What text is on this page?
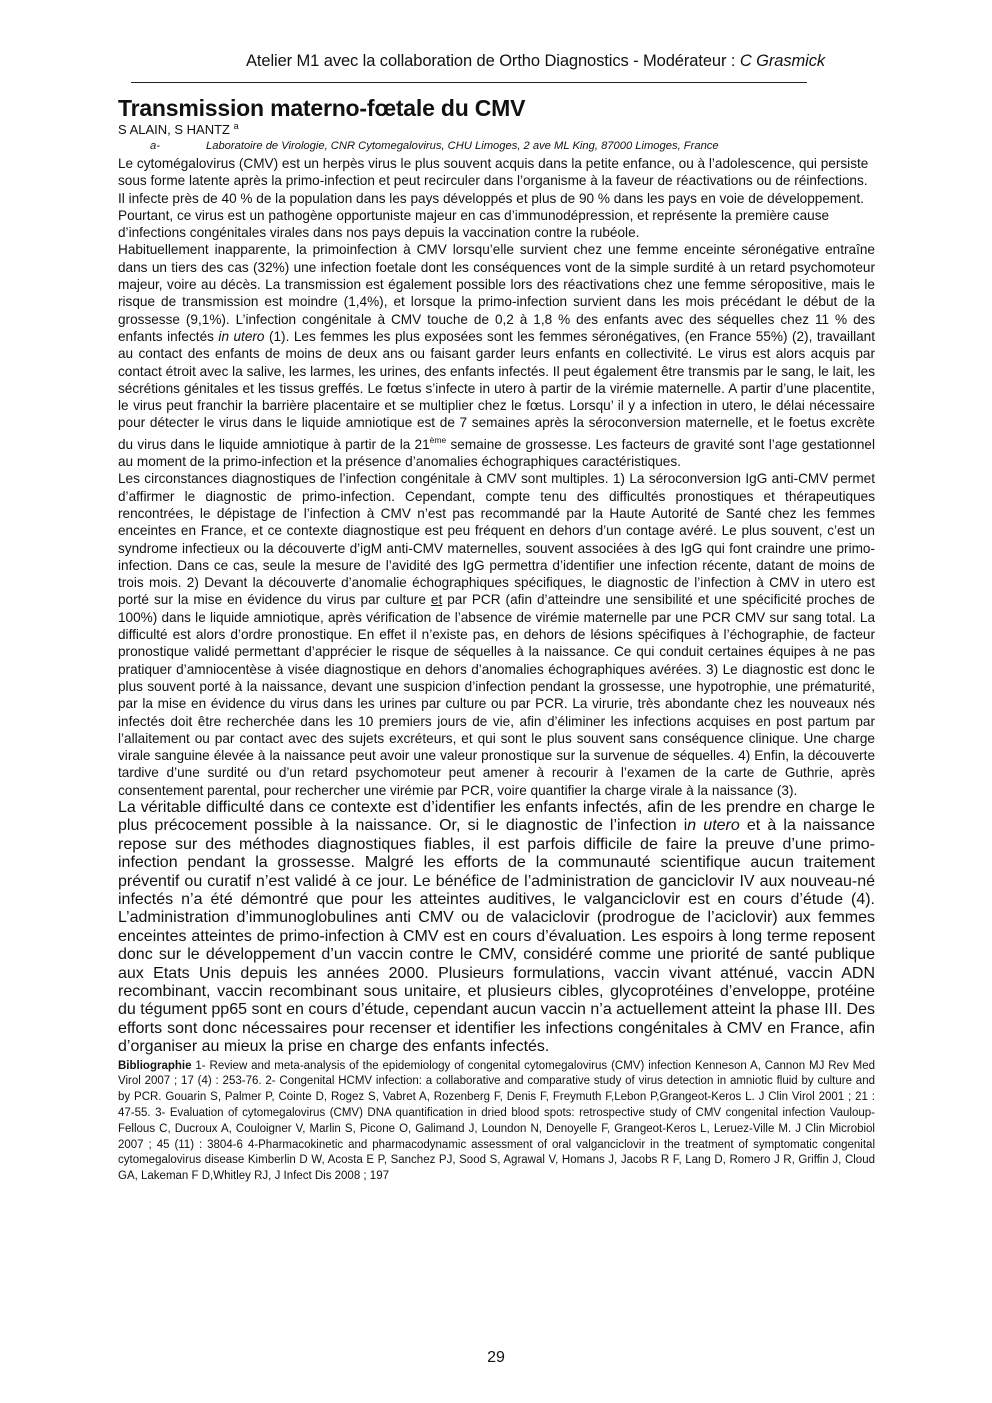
Atelier M1 avec la collaboration de Ortho Diagnostics - Modérateur : C Grasmick
Transmission materno-fœtale du CMV
S ALAIN, S HANTZ $^a$
a-	Laboratoire de Virologie, CNR Cytomegalovirus, CHU Limoges, 2 ave ML King, 87000 Limoges, France

Le cytomégalovirus (CMV) est un herpès virus le plus souvent acquis dans la petite enfance, ou à l’adolescence, qui persiste sous forme latente après la primo-infection et peut recirculer dans l’organisme à la faveur de réactivations ou de réinfections. Il infecte près de 40 % de la population dans les pays développés et plus de 90 % dans les pays en voie de développement. Pourtant, ce virus est un pathogène opportuniste majeur en cas d’immunodépression, et représente la première cause d’infections congénitales virales dans nos pays depuis la vaccination contre la rubéole.

Habituellement inapparente, la primoinfection à CMV lorsqu’elle survient chez une femme enceinte séronégative entraîne dans un tiers des cas (32%) une infection foetale dont les conséquences vont de la simple surdité à un retard psychomoteur majeur, voire au décès. La transmission est également possible lors des réactivations chez une femme séropositive, mais le risque de transmission est moindre (1,4%), et lorsque la primo-infection survient dans les mois précédant le début de la grossesse (9,1%). L’infection congénitale à CMV touche de 0,2 à 1,8 % des enfants avec des séquelles chez 11 % des enfants infectés in utero (1). Les femmes les plus exposées sont les femmes séronégatives, (en France 55%) (2), travaillant au contact des enfants de moins de deux ans ou faisant garder leurs enfants en collectivité. Le virus est alors acquis par contact étroit avec la salive, les larmes, les urines, des enfants infectés. Il peut également être transmis par le sang, le lait, les sécrétions génitales et les tissus greffés. Le fœtus s’infecte in utero à partir de la virémie maternelle. A partir d’une placentite, le virus peut franchir la barrière placentaire et se multiplier chez le fœtus. Lorsqu’ il y a infection in utero, le délai nécessaire pour détecter le virus dans le liquide amniotique est de 7 semaines après la séroconversion maternelle, et le foetus excrète du virus dans le liquide amniotique à partir de la 21ème semaine de grossesse. Les facteurs de gravité sont l’age gestationnel au moment de la primo-infection et la présence d’anomalies échographiques caractéristiques.

Les circonstances diagnostiques de l’infection congénitale à CMV sont multiples. 1) La séroconversion IgG anti-CMV permet d’affirmer le diagnostic de primo-infection. Cependant, compte tenu des difficultés pronostiques et thérapeutiques rencontrées, le dépistage de l’infection à CMV n’est pas recommandé par la Haute Autorité de Santé chez les femmes enceintes en France, et ce contexte diagnostique est peu fréquent en dehors d’un contage avéré. Le plus souvent, c’est un syndrome infectieux ou la découverte d’igM anti-CMV maternelles, souvent associées à des IgG qui font craindre une primo-infection. Dans ce cas, seule la mesure de l’avidité des IgG permettra d’identifier une infection récente, datant de moins de trois mois. 2) Devant la découverte d’anomalie échographiques spécifiques, le diagnostic de l’infection à CMV in utero est porté sur la mise en évidence du virus par culture et par PCR (afin d’atteindre une sensibilité et une spécificité proches de 100%) dans le liquide amniotique, après vérification de l’absence de virémie maternelle par une PCR CMV sur sang total. La difficulté est alors d’ordre pronostique. En effet il n’existe pas, en dehors de lésions spécifiques à l’échographie, de facteur pronostique validé permettant d’apprécier le risque de séquelles à la naissance. Ce qui conduit certaines équipes à ne pas pratiquer d’amniocentèse à visée diagnostique en dehors d’anomalies échographiques avérées. 3) Le diagnostic est donc le plus souvent porté à la naissance, devant une suspicion d’infection pendant la grossesse, une hypotrophie, une prématurité, par la mise en évidence du virus dans les urines par culture ou par PCR. La virurie, très abondante chez les nouveaux nés infectés doit être recherchée dans les 10 premiers jours de vie, afin d’éliminer les infections acquises en post partum par l’allaitement ou par contact avec des sujets excréteurs, et qui sont le plus souvent sans conséquence clinique. Une charge virale sanguine élevée à la naissance peut avoir une valeur pronostique sur la survenue de séquelles. 4) Enfin, la découverte tardive d’une surdité ou d’un retard psychomoteur peut amener à recourir à l’examen de la carte de Guthrie, après consentement parental, pour rechercher une virémie par PCR, voire quantifier la charge virale à la naissance (3).

La véritable difficulté dans ce contexte est d’identifier les enfants infectés, afin de les prendre en charge le plus précocement possible à la naissance. Or, si le diagnostic de l’infection in utero et à la naissance repose sur des méthodes diagnostiques fiables, il est parfois difficile de faire la preuve d’une primo-infection pendant la grossesse. Malgré les efforts de la communauté scientifique aucun traitement préventif ou curatif n’est validé à ce jour. Le bénéfice de l’administration de ganciclovir IV aux nouveau-né infectés n’a été démontré que pour les atteintes auditives, le valganciclovir est en cours d’étude (4). L’administration d’immunoglobulines anti CMV ou de valaciclovir (prodrogue de l’aciclovir) aux femmes enceintes atteintes de primo-infection à CMV est en cours d’évaluation. Les espoirs à long terme reposent donc sur le développement d’un vaccin contre le CMV, considéré comme une priorité de santé publique aux Etats Unis depuis les années 2000. Plusieurs formulations, vaccin vivant atténué, vaccin ADN recombinant, vaccin recombinant sous unitaire, et plusieurs cibles, glycoprotéines d’enveloppe, protéine du tégument pp65 sont en cours d’étude, cependant aucun vaccin n’a actuellement atteint la phase III. Des efforts sont donc nécessaires pour recenser et identifier les infections congénitales à CMV en France, afin d’organiser au mieux la prise en charge des enfants infectés.

Bibliographie 1- Review and meta-analysis of the epidemiology of congenital cytomegalovirus (CMV) infection Kenneson A, Cannon MJ Rev Med Virol 2007 ; 17 (4) : 253-76. 2- Congenital HCMV infection: a collaborative and comparative study of virus detection in amniotic fluid by culture and by PCR. Gouarin S, Palmer P, Cointe D, Rogez S, Vabret A, Rozenberg F, Denis F, Freymuth F,Lebon P,Grangeot-Keros L. J Clin Virol 2001 ; 21 : 47-55. 3- Evaluation of cytomegalovirus (CMV) DNA quantification in dried blood spots: retrospective study of CMV congenital infection Vauloup-Fellous C, Ducroux A, Couloigner V, Marlin S, Picone O, Galimand J, Loundon N, Denoyelle F, Grangeot-Keros L, Leruez-Ville M. J Clin Microbiol 2007 ; 45 (11) : 3804-6 4-Pharmacokinetic and pharmacodynamic assessment of oral valganciclovir in the treatment of symptomatic congenital cytomegalovirus disease Kimberlin D W, Acosta E P, Sanchez PJ, Sood S, Agrawal V, Homans J, Jacobs R F, Lang D, Romero J R, Griffin J, Cloud GA, Lakeman F D,Whitley RJ, J Infect Dis 2008 ; 197

29
